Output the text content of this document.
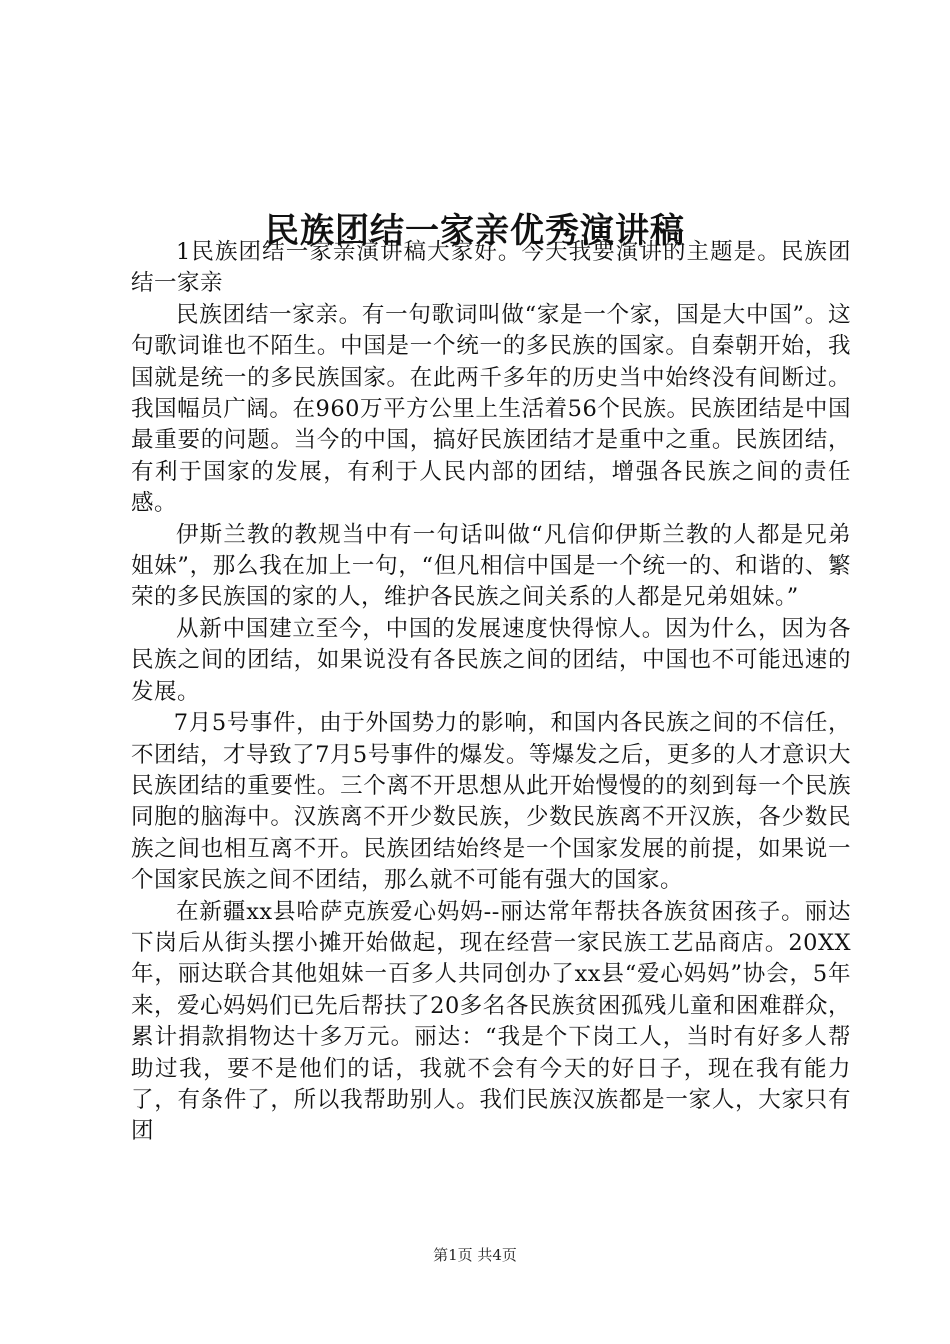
民族团结一家亲优秀演讲稿

1民族团结一家亲演讲稿大家好。今天我要演讲的主题是。民族团结一家亲

民族团结一家亲。有一句歌词叫做“家是一个家，国是大中国”。这句歌词谁也不陌生。中国是一个统一的多民族的国家。自秦朝开始，我国就是统一的多民族国家。在此两千多年的历史当中始终没有间断过。我国幅员广阔。在960万平方公里上生活着56个民族。民族团结是中国最重要的问题。当今的中国，搞好民族团结才是重中之重。民族团结，有利于国家的发展，有利于人民内部的团结，增强各民族之间的责任感。

伊斯兰教的教规当中有一句话叫做“凡信仰伊斯兰教的人都是兄弟姐妹”，那么我在加上一句，“但凡相信中国是一个统一的、和谐的、繁荣的多民族国的家的人，维护各民族之间关系的人都是兄弟姐妹。”

从新中国建立至今，中国的发展速度快得惊人。因为什么，因为各民族之间的团结，如果说没有各民族之间的团结，中国也不可能迅速的发展。

7月5号事件，由于外国势力的影响，和国内各民族之间的不信任，不团结，才导致了7月5号事件的爆发。等爆发之后，更多的人才意识大民族团结的重要性。三个离不开思想从此开始慢慢的的刻到每一个民族同胞的脑海中。汉族离不开少数民族，少数民族离不开汉族，各少数民族之间也相互离不开。民族团结始终是一个国家发展的前提，如果说一个国家民族之间不团结，那么就不可能有强大的国家。

在新疆xx县哈萨克族爱心妈妈--丽达常年帮扶各族贫困孩子。丽达下岗后从街头摆小摊开始做起，现在经营一家民族工艺品商店。20XX年，丽达联合其他姐妹一百多人共同创办了xx县“爱心妈妈”协会，5年来，爱心妈妈们已先后帮扶了20多名各民族贫困孤残儿童和困难群众，累计捐款捐物达十多万元。丽达：“我是个下岗工人，当时有好多人帮助过我，要不是他们的话，我就不会有今天的好日子，现在我有能力了，有条件了，所以我帮助别人。我们民族汉族都是一家人，大家只有团

第1页 共4页
